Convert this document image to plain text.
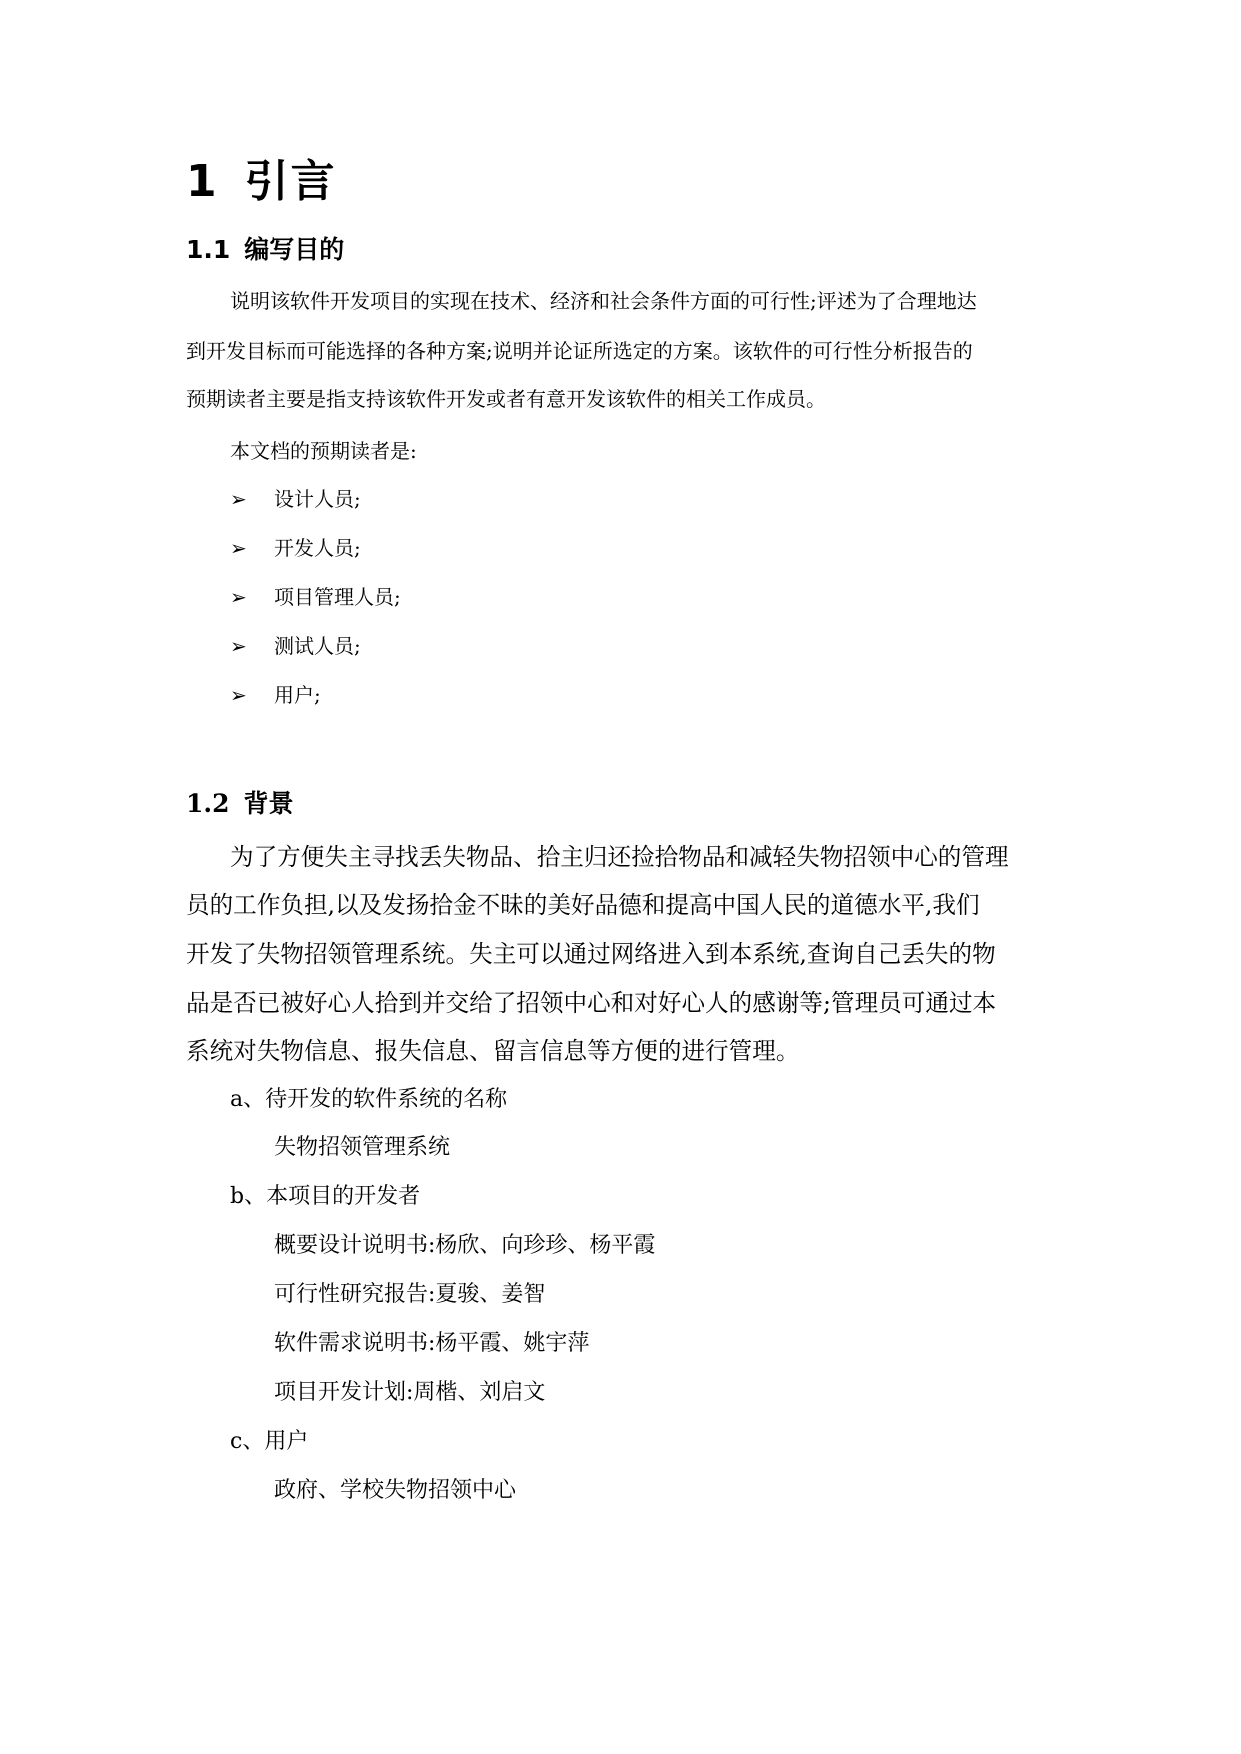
1 引言
1.1 编写目的
说明该软件开发项目的实现在技术、经济和社会条件方面的可行性;评述为了合理地达
到开发目标而可能选择的各种方案;说明并论证所选定的方案。该软件的可行性分析报告的
预期读者主要是指支持该软件开发或者有意开发该软件的相关工作成员。
本文档的预期读者是:
➢ 设计人员;
➢ 开发人员;
➢ 项目管理人员;
➢ 测试人员;
➢ 用户;
1.2 背景
为了方便失主寻找丢失物品、拾主归还捡拾物品和减轻失物招领中心的管理
员的工作负担,以及发扬拾金不昧的美好品德和提高中国人民的道德水平,我们
开发了失物招领管理系统。失主可以通过网络进入到本系统,查询自己丢失的物
品是否已被好心人拾到并交给了招领中心和对好心人的感谢等;管理员可通过本
系统对失物信息、报失信息、留言信息等方便的进行管理。
a、待开发的软件系统的名称
失物招领管理系统
b、本项目的开发者
概要设计说明书:杨欣、向珍珍、杨平霞
可行性研究报告:夏骏、姜智
软件需求说明书:杨平霞、姚宇萍
项目开发计划:周楷、刘启文
c、用户
政府、学校失物招领中心
